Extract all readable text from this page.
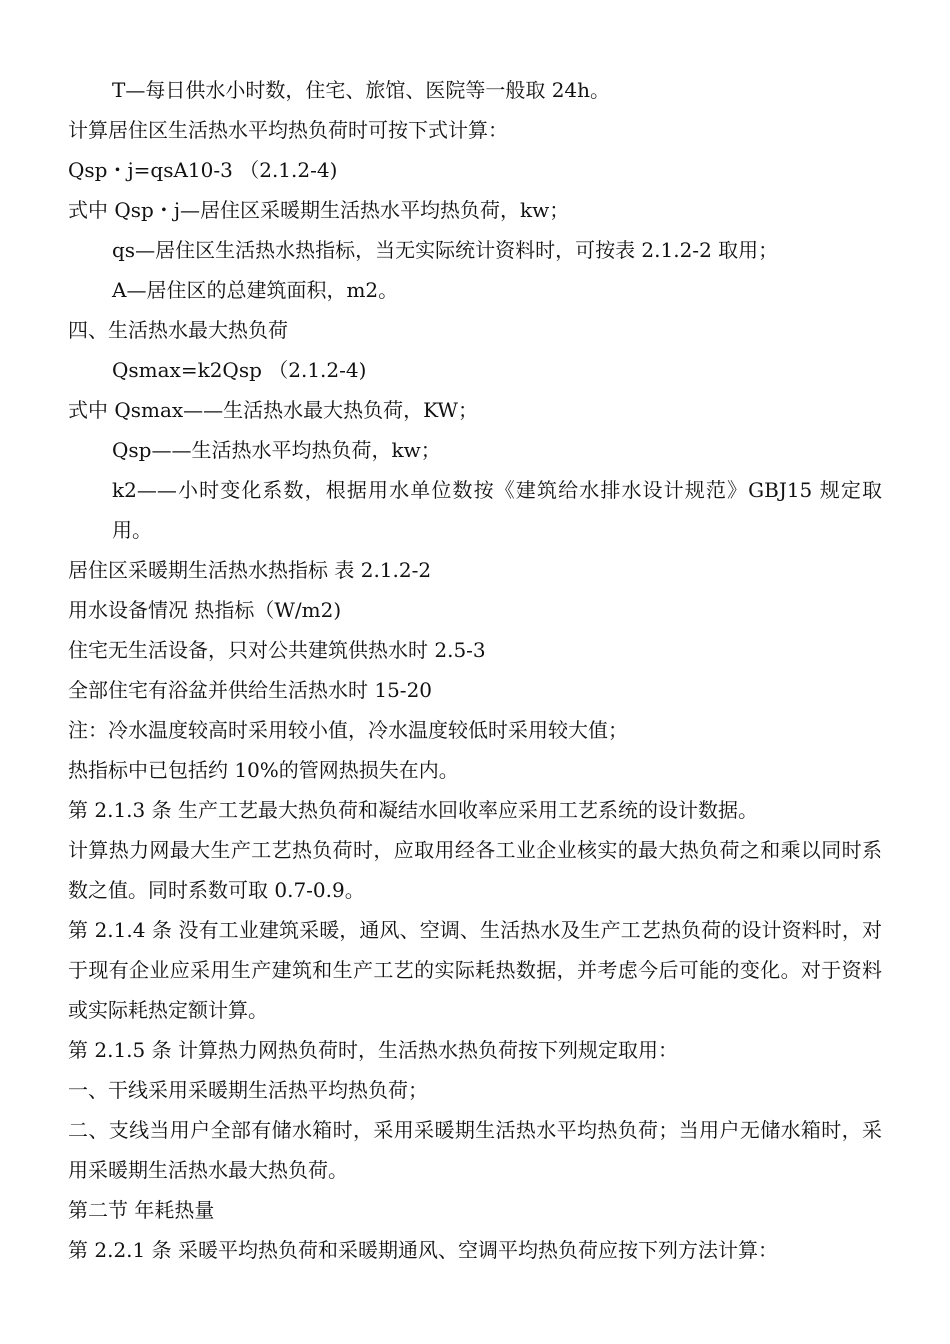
T—每日供水小时数，住宅、旅馆、医院等一般取 24h。
计算居住区生活热水平均热负荷时可按下式计算：
Qsp・j=qsA10-3 （2.1.2-4)
式中 Qsp・j—居住区采暖期生活热水平均热负荷，kw；
qs—居住区生活热水热指标，当无实际统计资料时，可按表 2.1.2-2 取用；
A—居住区的总建筑面积，m2。
四、生活热水最大热负荷
Qsmax=k2Qsp （2.1.2-4)
式中 Qsmax——生活热水最大热负荷，KW；
Qsp——生活热水平均热负荷，kw；
k2——小时变化系数，根据用水单位数按《建筑给水排水设计规范》GBJ15 规定取用。
居住区采暖期生活热水热指标 表 2.1.2-2
用水设备情况 热指标（W/m2)
住宅无生活设备，只对公共建筑供热水时 2.5-3
全部住宅有浴盆并供给生活热水时 15-20
注：冷水温度较高时采用较小值，冷水温度较低时采用较大值；
热指标中已包括约 10%的管网热损失在内。
第 2.1.3 条 生产工艺最大热负荷和凝结水回收率应采用工艺系统的设计数据。
计算热力网最大生产工艺热负荷时，应取用经各工业企业核实的最大热负荷之和乘以同时系数之值。同时系数可取 0.7-0.9。
第 2.1.4 条 没有工业建筑采暖，通风、空调、生活热水及生产工艺热负荷的设计资料时，对于现有企业应采用生产建筑和生产工艺的实际耗热数据，并考虑今后可能的变化。对于资料或实际耗热定额计算。
第 2.1.5 条 计算热力网热负荷时，生活热水热负荷按下列规定取用：
一、干线采用采暖期生活热平均热负荷；
二、支线当用户全部有储水箱时，采用采暖期生活热水平均热负荷；当用户无储水箱时，采用采暖期生活热水最大热负荷。
第二节 年耗热量
第 2.2.1 条 采暖平均热负荷和采暖期通风、空调平均热负荷应按下列方法计算：
